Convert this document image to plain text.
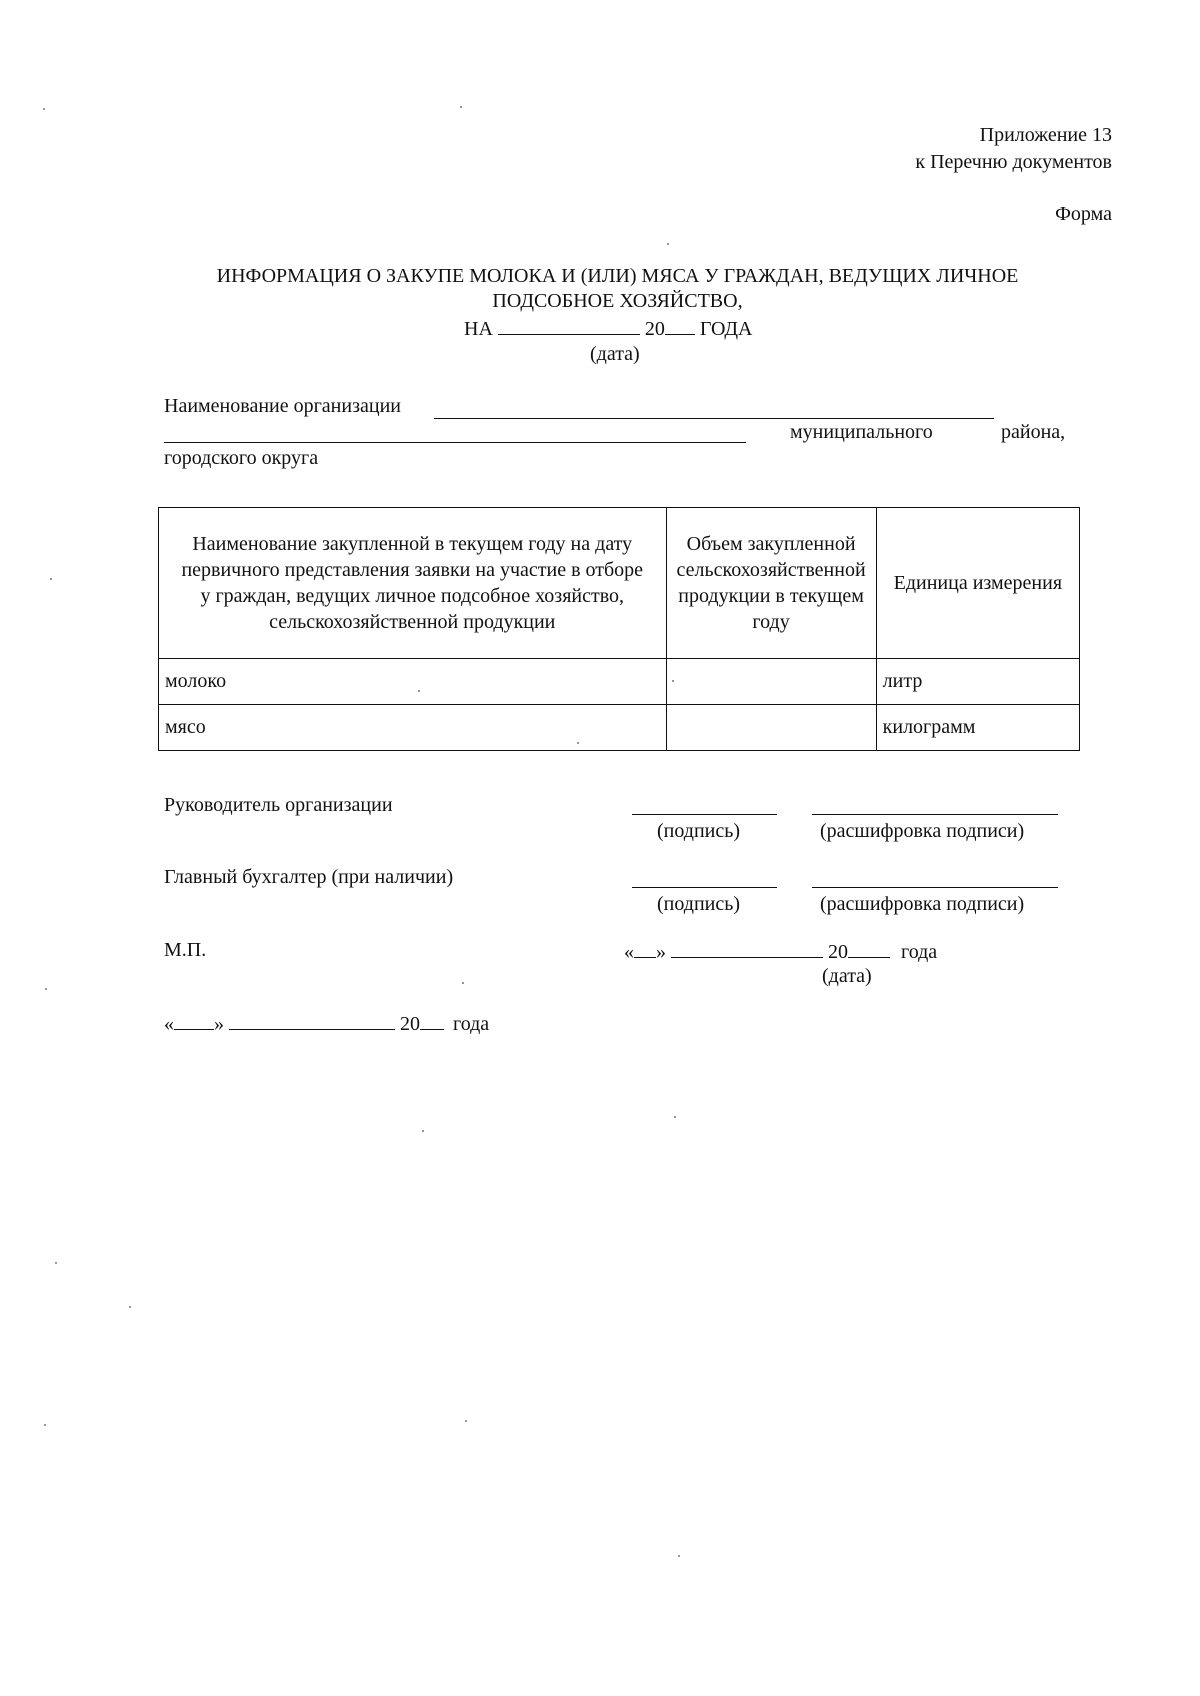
Приложение 13
к Перечню документов
Форма
ИНФОРМАЦИЯ О ЗАКУПЕ МОЛОКА И (ИЛИ) МЯСА У ГРАЖДАН, ВЕДУЩИХ ЛИЧНОЕ
ПОДСОБНОЕ ХОЗЯЙСТВО,
НА	20 ГОДА
(дата)
Наименование организации
муниципального	района,
городского округа
Наименование закупленной в текущем году на дату первичного представления заявки на участие в отборе у граждан, ведущих личное подсобное хозяйство, сельскохозяйственной продукции	Объем закупленной сельскохозяйственной продукции в текущем году	Единица измерения
молоко		литр
мясо		килограмм
Руководитель организации
(подпись)	(расшифровка подписи)
Главный бухгалтер (при наличии)
(подпись)	(расшифровка подписи)
М.П.	« »	20	года
(дата)
« »	20 года
